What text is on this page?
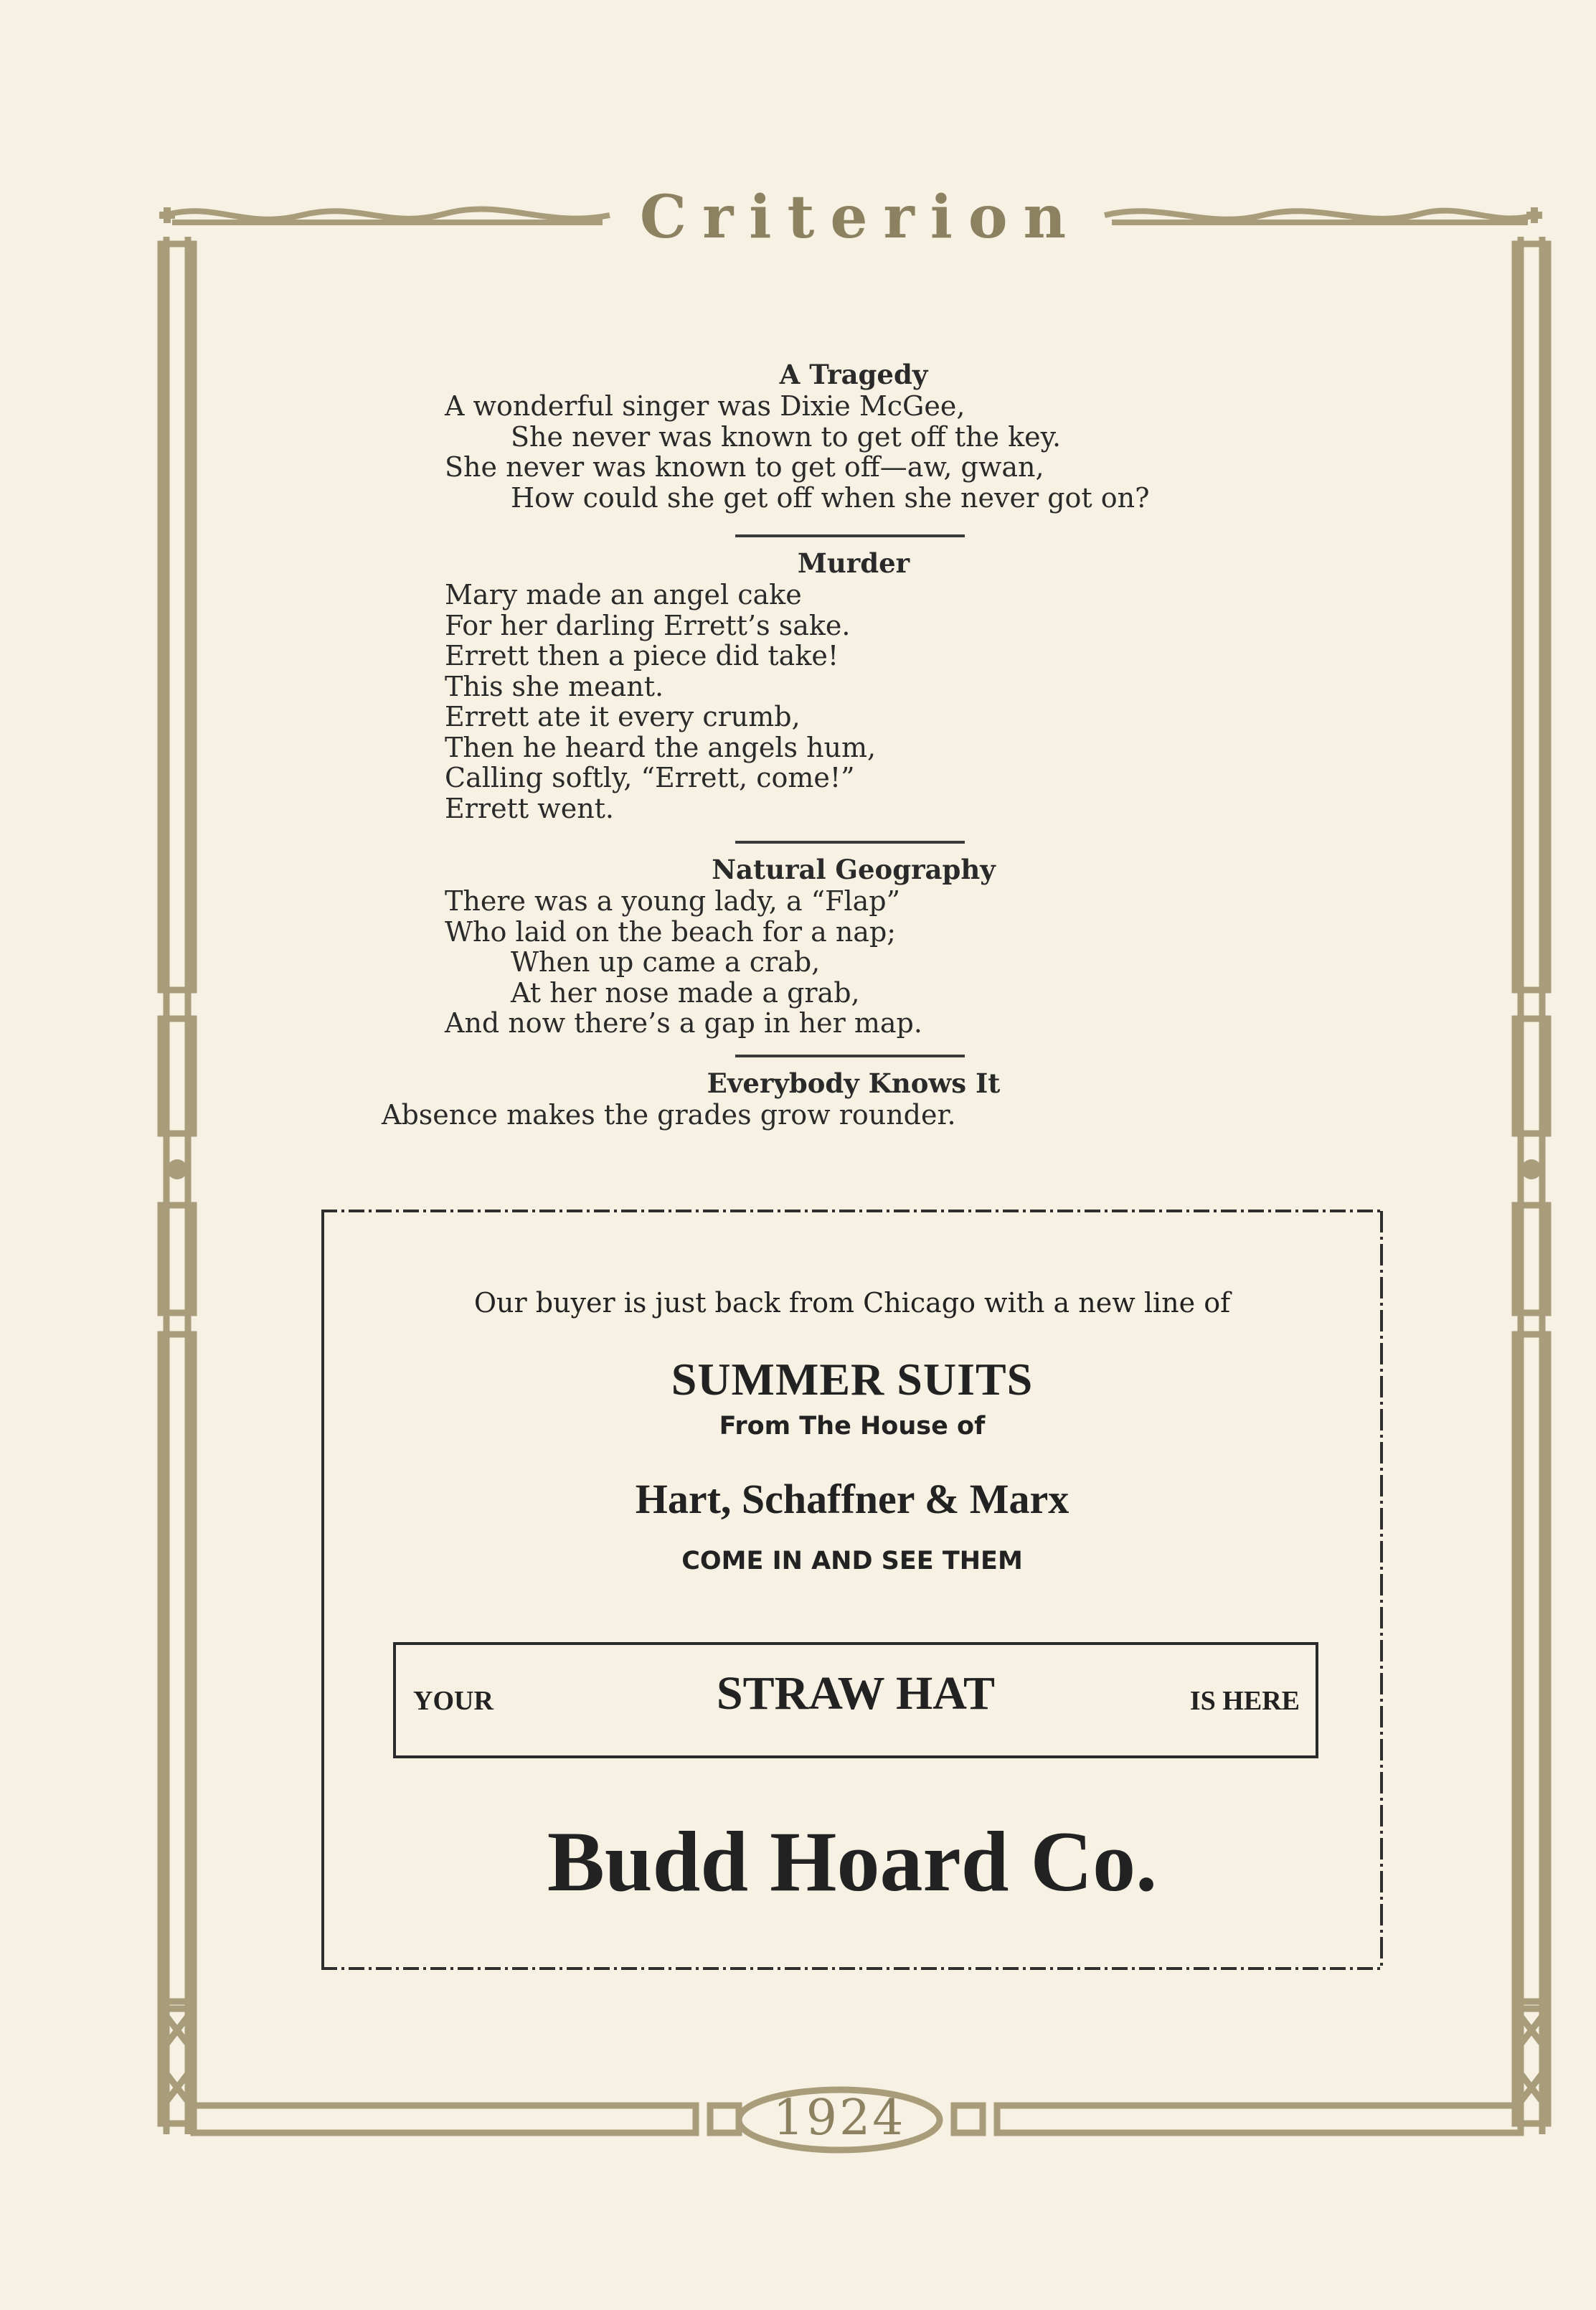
Criterion
1924
A Tragedy
A wonderful singer was Dixie McGee,
She never was known to get off the key.
She never was known to get off—aw, gwan,
How could she get off when she never got on?
Murder
Mary made an angel cake
For her darling Errett’s sake.
Errett then a piece did take!
This she meant.
Errett ate it every crumb,
Then he heard the angels hum,
Calling softly, “Errett, come!”
Errett went.
Natural Geography
There was a young lady, a “Flap”
Who laid on the beach for a nap;
When up came a crab,
At her nose made a grab,
And now there’s a gap in her map.
Everybody Knows It
Absence makes the grades grow rounder.
Our buyer is just back from Chicago with a new line of
SUMMER SUITS
From The House of
Hart, Schaffner & Marx
COME IN AND SEE THEM
YOUR	STRAW HAT	IS HERE
Budd Hoard Co.
